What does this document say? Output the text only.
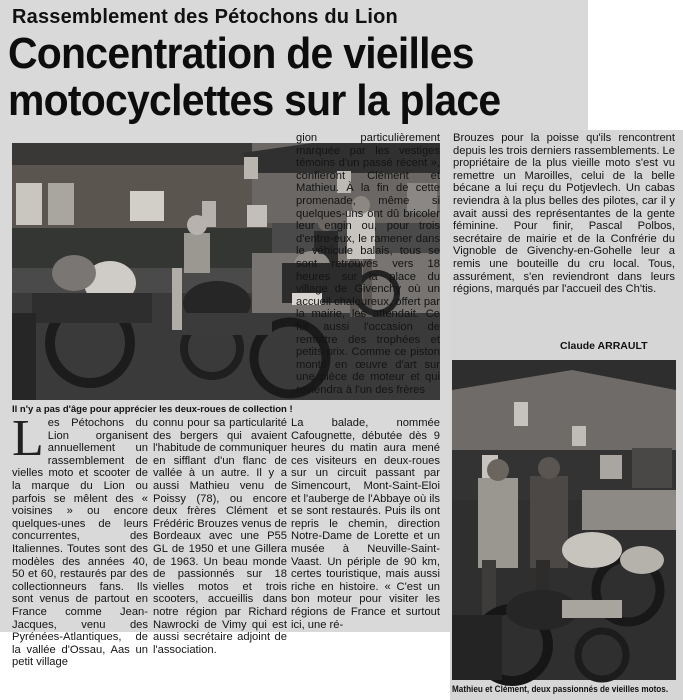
Rassemblement des Pétochons du Lion
Concentration de vieilles
motocyclettes sur la place
Il n'y a pas d'âge pour apprécier les deux-roues de collection !

gion particulièrement marquée par les vestiges témoins d'un passé récent », confieront Clément et Mathieu. À la fin de cette promenade, même si quelques-uns ont dû bricoler leur engin ou, pour trois d'entre-eux, le ramener dans le véhicule balais, tous se sont retrouvés vers 18 heures sur la place du village de Givenchy où un accueil chaleureux, offert par la mairie, les attendait. Ce fut aussi l'occasion de remettre des trophées et petits prix. Comme ce piston monté en œuvre d'art sur une pièce de moteur et qui reviendra à l'un des frères

Brouzes pour la poisse qu'ils rencontrent depuis les trois derniers rassemblements. Le propriétaire de la plus vieille moto s'est vu remettre un Maroilles, celui de la belle bécane a lui reçu du Potjevlech. Un cabas reviendra à la plus belles des pilotes, car il y avait aussi des représentantes de la gente féminine. Pour finir, Pascal Polbos, secrétaire de mairie et de la Confrérie du Vignoble de Givenchy-en-Gohelle leur a remis une bouteille du cru local. Tous, assurément, s'en reviendront dans leurs régions, marqués par l'accueil des Ch'tis.

Claude ARRAULT
Mathieu et Clément, deux passionnés de vieilles motos.
L es Pétochons du Lion organisent annuellement un rassemblement de vielles moto et scooter de la marque du Lion ou parfois se mêlent des « voisines » ou encore quelques-unes de leurs concurrentes, des Italiennes. Toutes sont des modèles des années 40, 50 et 60, restaurés par des collectionneurs fans. Ils sont venus de partout en France comme Jean-Jacques, venu des Pyrénées-Atlantiques, de la vallée d'Ossau, Aas un petit village

connu pour sa particularité des bergers qui avaient l'habitude de communiquer en sifflant d'un flanc de vallée à un autre. Il y a aussi Mathieu venu de Poissy (78), ou encore deux frères Clément et Frédéric Brouzes venus de Bordeaux avec une P55 GL de 1950 et une Gillera de 1963. Un beau monde de passionnés sur 18 vielles motos et trois scooters, accueillis dans notre région par Richard Nawrocki de Vimy qui est aussi secrétaire adjoint de l'association.

La balade, nommée Cafougnette, débutée dès 9 heures du matin aura mené ces visiteurs en deux-roues sur un circuit passant par Simencourt, Mont-Saint-Eloi et l'auberge de l'Abbaye où ils se sont restaurés. Puis ils ont repris le chemin, direction Notre-Dame de Lorette et un musée à Neuville-Saint-Vaast. Un périple de 90 km, certes touristique, mais aussi riche en histoire. « C'est un bon moteur pour visiter les régions de France et surtout ici, une ré-
